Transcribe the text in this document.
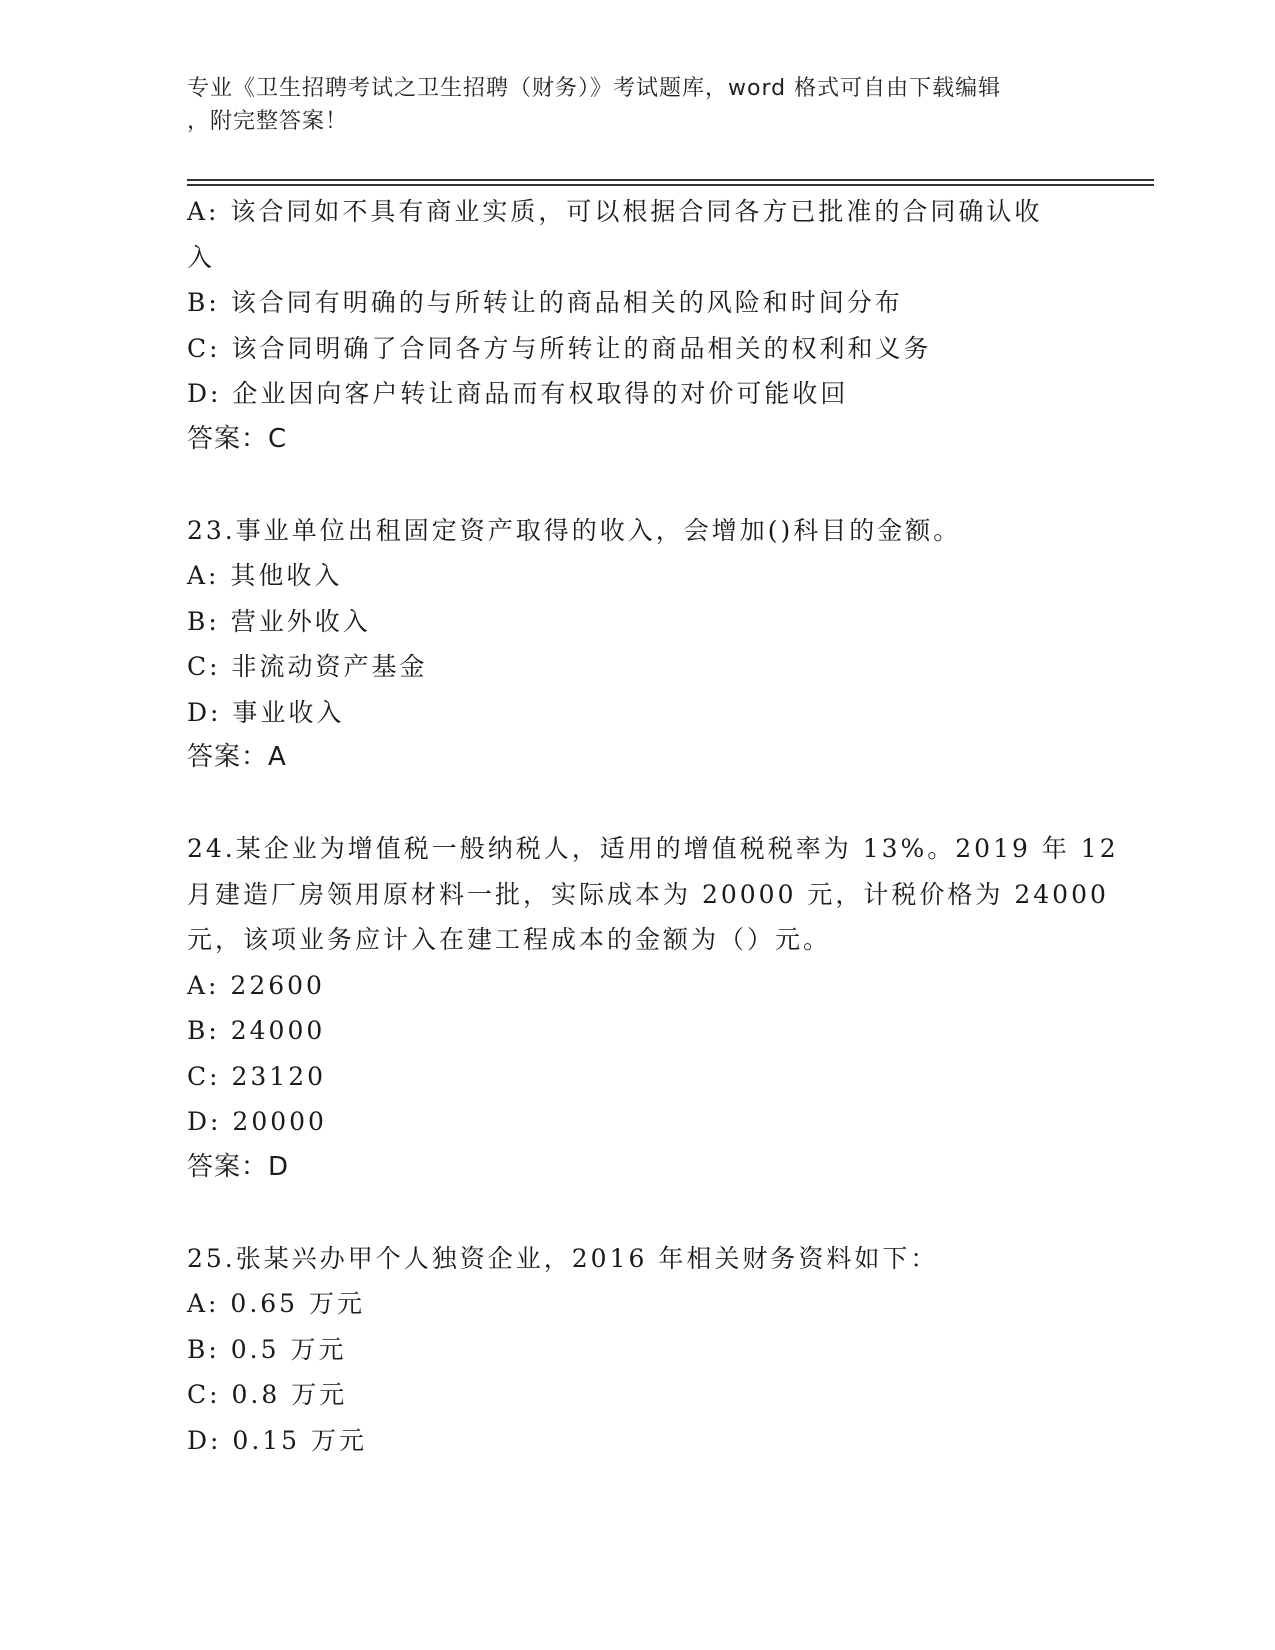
专业《卫生招聘考试之卫生招聘（财务）》考试题库，word 格式可自由下载编辑
，附完整答案！
A: 该合同如不具有商业实质，可以根据合同各方已批准的合同确认收
入
B: 该合同有明确的与所转让的商品相关的风险和时间分布
C: 该合同明确了合同各方与所转让的商品相关的权利和义务
D: 企业因向客户转让商品而有权取得的对价可能收回
答案：C
23.事业单位出租固定资产取得的收入，会增加()科目的金额。
A: 其他收入
B: 营业外收入
C: 非流动资产基金
D: 事业收入
答案：A
24.某企业为增值税一般纳税人，适用的增值税税率为 13%。2019 年 12
月建造厂房领用原材料一批，实际成本为 20000 元，计税价格为 24000
元，该项业务应计入在建工程成本的金额为（）元。
A: 22600
B: 24000
C: 23120
D: 20000
答案：D
25.张某兴办甲个人独资企业，2016 年相关财务资料如下：
A: 0.65 万元
B: 0.5 万元
C: 0.8 万元
D: 0.15 万元
